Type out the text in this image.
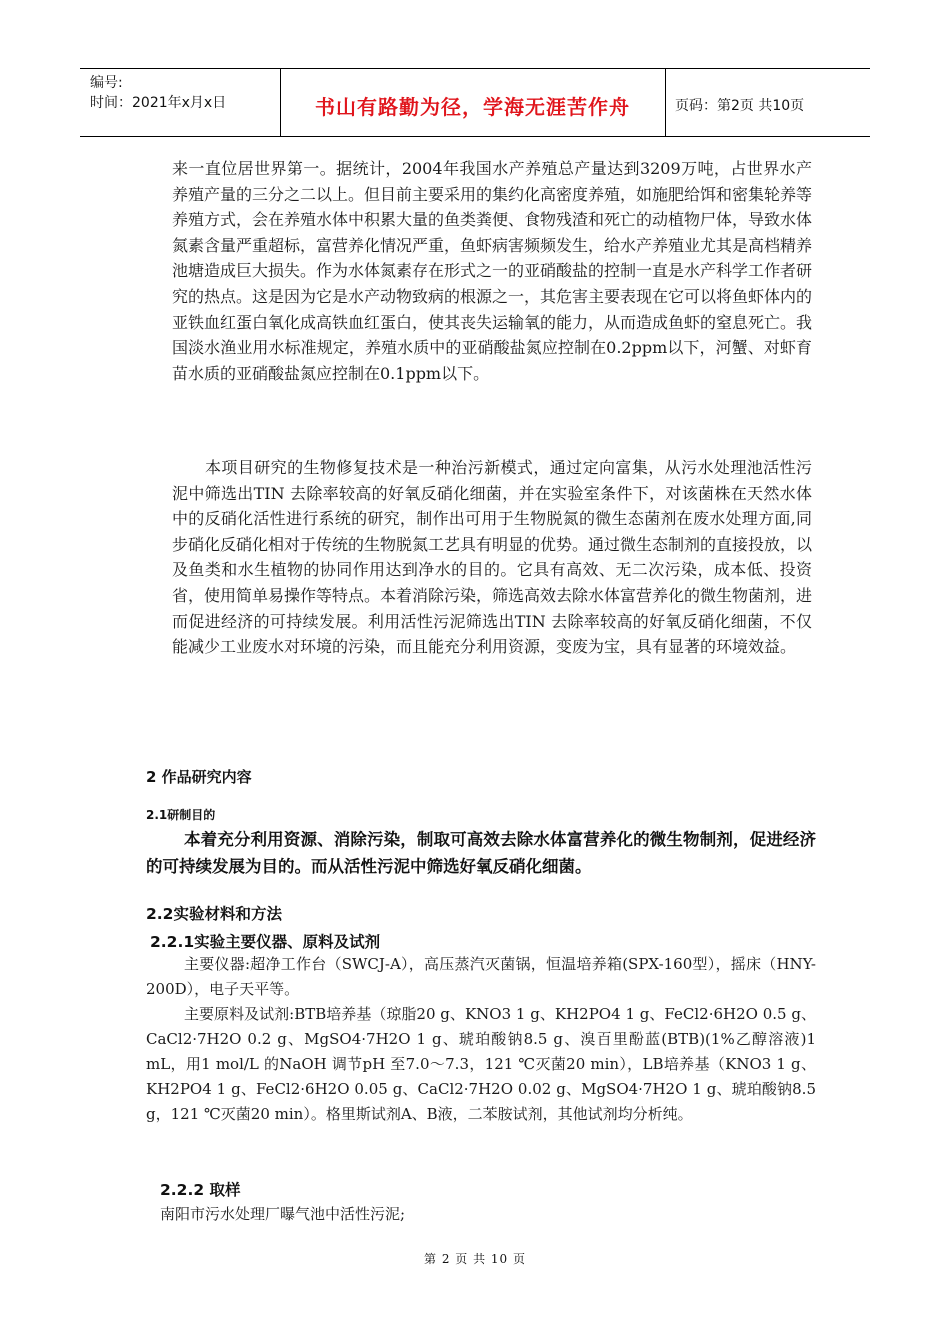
编号:
时间：2021年x月x日	书山有路勤为径，学海无涯苦作舟	页码：第2页 共10页

来一直位居世界第一。据统计，2004年我国水产养殖总产量达到3209万吨，占世界水产养殖产量的三分之二以上。但目前主要采用的集约化高密度养殖，如施肥给饵和密集轮养等养殖方式，会在养殖水体中积累大量的鱼类粪便、食物残渣和死亡的动植物尸体，导致水体氮素含量严重超标，富营养化情况严重，鱼虾病害频频发生，给水产养殖业尤其是高档精养池塘造成巨大损失。作为水体氮素存在形式之一的亚硝酸盐的控制一直是水产科学工作者研究的热点。这是因为它是水产动物致病的根源之一，其危害主要表现在它可以将鱼虾体内的亚铁血红蛋白氧化成高铁血红蛋白，使其丧失运输氧的能力，从而造成鱼虾的窒息死亡。我国淡水渔业用水标准规定，养殖水质中的亚硝酸盐氮应控制在0.2ppm以下，河蟹、对虾育苗水质的亚硝酸盐氮应控制在0.1ppm以下。

本项目研究的生物修复技术是一种治污新模式，通过定向富集，从污水处理池活性污泥中筛选出TIN 去除率较高的好氧反硝化细菌，并在实验室条件下，对该菌株在天然水体中的反硝化活性进行系统的研究，制作出可用于生物脱氮的微生态菌剂在废水处理方面,同步硝化反硝化相对于传统的生物脱氮工艺具有明显的优势。通过微生态制剂的直接投放，以及鱼类和水生植物的协同作用达到净水的目的。它具有高效、无二次污染，成本低、投资省，使用简单易操作等特点。本着消除污染，筛选高效去除水体富营养化的微生物菌剂，进而促进经济的可持续发展。利用活性污泥筛选出TIN 去除率较高的好氧反硝化细菌，不仅能减少工业废水对环境的污染，而且能充分利用资源，变废为宝，具有显著的环境效益。

2 作品研究内容
2.1研制目的

本着充分利用资源、消除污染，制取可高效去除水体富营养化的微生物制剂，促进经济的可持续发展为目的。而从活性污泥中筛选好氧反硝化细菌。

2.2实验材料和方法
2.2.1实验主要仪器、原料及试剂

主要仪器:超净工作台（SWCJ-A），高压蒸汽灭菌锅，恒温培养箱(SPX-160型），摇床（HNY-200D），电子天平等。

主要原料及试剂:BTB培养基（琼脂20 g、KNO3 1 g、KH2PO4 1 g、FeCl2·6H2O 0.5 g、CaCl2·7H2O 0.2 g、MgSO4·7H2O 1 g、琥珀酸钠8.5 g、溴百里酚蓝(BTB)(1%乙醇溶液)1 mL，用1 mol/L 的NaOH 调节pH 至7.0～7.3，121 ℃灭菌20 min），LB培养基（KNO3 1 g、KH2PO4 1 g、FeCl2·6H2O 0.05 g、CaCl2·7H2O 0.02 g、MgSO4·7H2O 1 g、琥珀酸钠8.5 g，121 ℃灭菌20 min）。格里斯试剂A、B液，二苯胺试剂，其他试剂均分析纯。

2.2.2 取样

南阳市污水处理厂曝气池中活性污泥;

第 2 页 共 10 页
